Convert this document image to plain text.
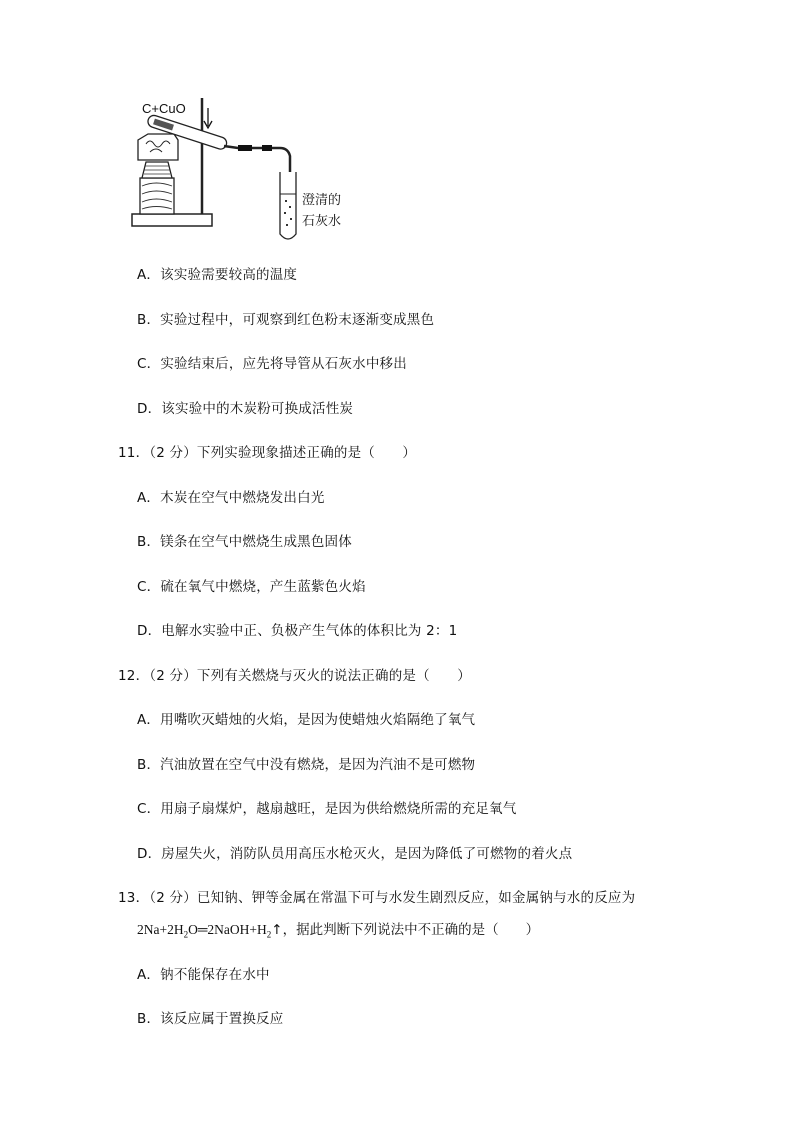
C+CuO
澄清的
石灰水
A．该实验需要较高的温度
B．实验过程中，可观察到红色粉末逐渐变成黑色
C．实验结束后，应先将导管从石灰水中移出
D．该实验中的木炭粉可换成活性炭
11．（2 分）下列实验现象描述正确的是（　　）
A．木炭在空气中燃烧发出白光
B．镁条在空气中燃烧生成黑色固体
C．硫在氧气中燃烧，产生蓝紫色火焰
D．电解水实验中正、负极产生气体的体积比为 2：1
12．（2 分）下列有关燃烧与灭火的说法正确的是（　　）
A．用嘴吹灭蜡烛的火焰，是因为使蜡烛火焰隔绝了氧气
B．汽油放置在空气中没有燃烧，是因为汽油不是可燃物
C．用扇子扇煤炉，越扇越旺，是因为供给燃烧所需的充足氧气
D．房屋失火，消防队员用高压水枪灭火，是因为降低了可燃物的着火点
13．（2 分）已知钠、钾等金属在常温下可与水发生剧烈反应，如金属钠与水的反应为
$2Na+2H_2O═2NaOH+H_2↑$，据此判断下列说法中不正确的是（　　）
A．钠不能保存在水中
B．该反应属于置换反应
